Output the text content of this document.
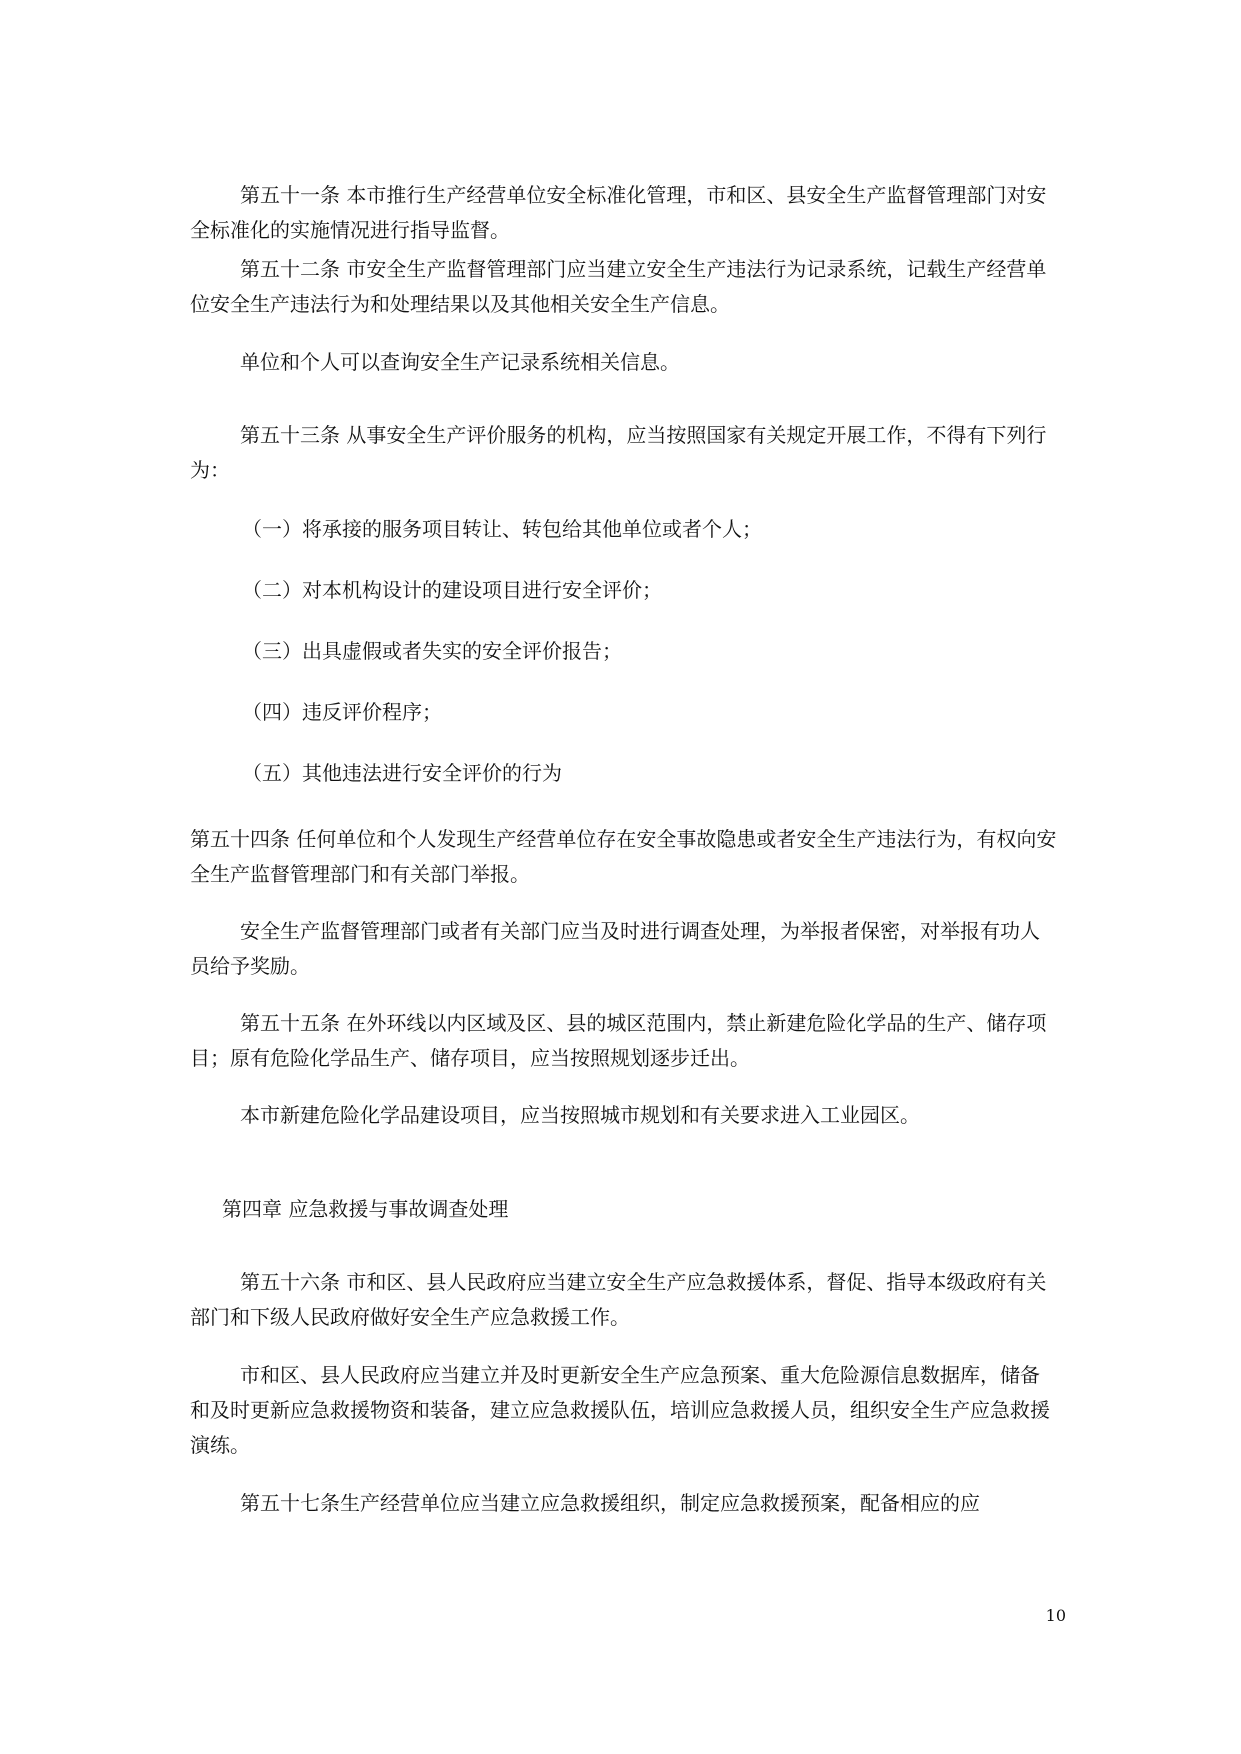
第五十一条 本市推行生产经营单位安全标准化管理，市和区、县安全生产监督管理部门对安全标准化的实施情况进行指导监督。

第五十二条 市安全生产监督管理部门应当建立安全生产违法行为记录系统，记载生产经营单位安全生产违法行为和处理结果以及其他相关安全生产信息。

单位和个人可以查询安全生产记录系统相关信息。

第五十三条 从事安全生产评价服务的机构，应当按照国家有关规定开展工作，不得有下列行为：

（一）将承接的服务项目转让、转包给其他单位或者个人；

（二）对本机构设计的建设项目进行安全评价；

（三）出具虚假或者失实的安全评价报告；

（四）违反评价程序；

（五）其他违法进行安全评价的行为

第五十四条 任何单位和个人发现生产经营单位存在安全事故隐患或者安全生产违法行为，有权向安全生产监督管理部门和有关部门举报。

安全生产监督管理部门或者有关部门应当及时进行调查处理，为举报者保密，对举报有功人员给予奖励。

第五十五条 在外环线以内区域及区、县的城区范围内，禁止新建危险化学品的生产、储存项目；原有危险化学品生产、储存项目，应当按照规划逐步迁出。

本市新建危险化学品建设项目，应当按照城市规划和有关要求进入工业园区。

第四章 应急救援与事故调查处理

第五十六条 市和区、县人民政府应当建立安全生产应急救援体系，督促、指导本级政府有关部门和下级人民政府做好安全生产应急救援工作。

市和区、县人民政府应当建立并及时更新安全生产应急预案、重大危险源信息数据库，储备和及时更新应急救援物资和装备，建立应急救援队伍，培训应急救援人员，组织安全生产应急救援演练。

第五十七条生产经营单位应当建立应急救援组织，制定应急救援预案，配备相应的应

10
